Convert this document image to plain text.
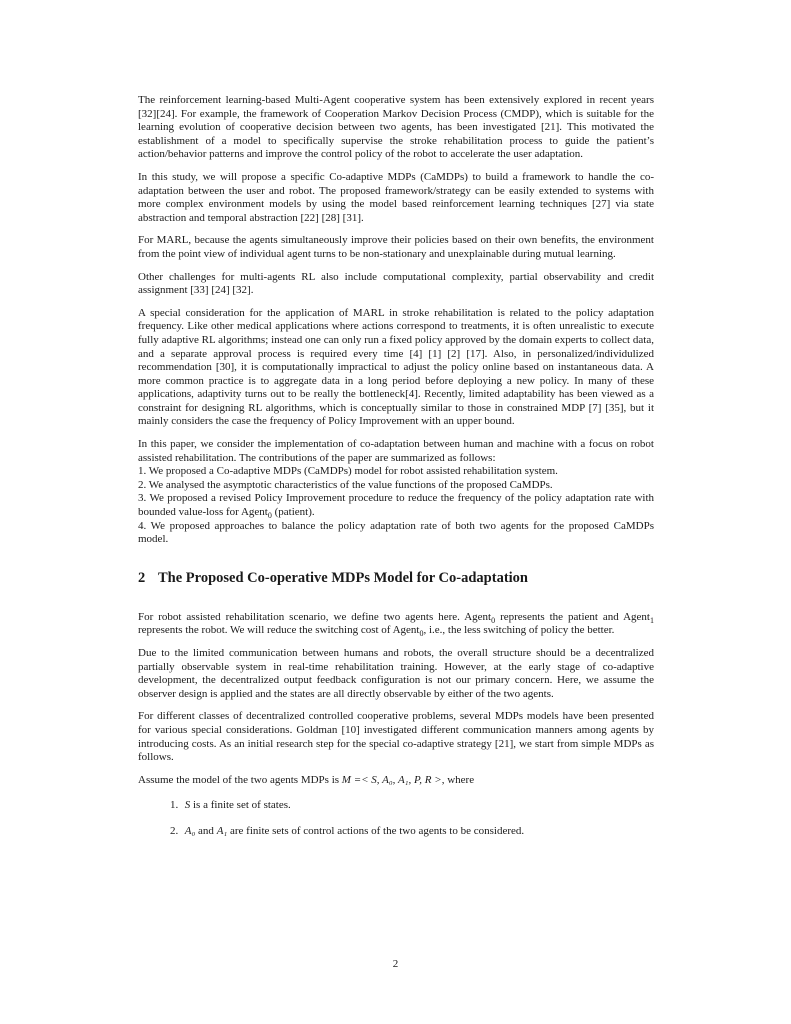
The reinforcement learning-based Multi-Agent cooperative system has been extensively explored in recent years [32][24]. For example, the framework of Cooperation Markov Decision Process (CMDP), which is suitable for the learning evolution of cooperative decision between two agents, has been investigated [21]. This motivated the establishment of a model to specifically supervise the stroke rehabilitation process to guide the patient’s action/behavior patterns and improve the control policy of the robot to accelerate the user adaptation.

In this study, we will propose a specific Co-adaptive MDPs (CaMDPs) to build a framework to handle the co-adaptation between the user and robot. The proposed framework/strategy can be easily extended to systems with more complex environment models by using the model based reinforcement learning techniques [27] via state abstraction and temporal abstraction [22] [28] [31].

For MARL, because the agents simultaneously improve their policies based on their own benefits, the environment from the point view of individual agent turns to be non-stationary and unexplainable during mutual learning.

Other challenges for multi-agents RL also include computational complexity, partial observability and credit assignment [33] [24] [32].

A special consideration for the application of MARL in stroke rehabilitation is related to the policy adaptation frequency. Like other medical applications where actions correspond to treatments, it is often unrealistic to execute fully adaptive RL algorithms; instead one can only run a fixed policy approved by the domain experts to collect data, and a separate approval process is required every time [4] [1] [2] [17]. Also, in personalized/individulized recommendation [30], it is computationally impractical to adjust the policy online based on instantaneous data. A more common practice is to aggregate data in a long period before deploying a new policy. In many of these applications, adaptivity turns out to be really the bottleneck[4]. Recently, limited adaptability has been viewed as a constraint for designing RL algorithms, which is conceptually similar to those in constrained MDP [7] [35], but it mainly considers the case the frequency of Policy Improvement with an upper bound.

In this paper, we consider the implementation of co-adaptation between human and machine with a focus on robot assisted rehabilitation. The contributions of the paper are summarized as follows:

1. We proposed a Co-adaptive MDPs (CaMDPs) model for robot assisted rehabilitation system.

2. We analysed the asymptotic characteristics of the value functions of the proposed CaMDPs.

3. We proposed a revised Policy Improvement procedure to reduce the frequency of the policy adaptation rate with bounded value-loss for Agent$_0$ (patient).

4. We proposed approaches to balance the policy adaptation rate of both two agents for the proposed CaMDPs model.

2 The Proposed Co-operative MDPs Model for Co-adaptation

For robot assisted rehabilitation scenario, we define two agents here. Agent$_0$ represents the patient and Agent$_1$ represents the robot. We will reduce the switching cost of Agent$_0$, i.e., the less switching of policy the better.

Due to the limited communication between humans and robots, the overall structure should be a decentralized partially observable system in real-time rehabilitation training. However, at the early stage of co-adaptive development, the decentralized output feedback configuration is not our primary concern. Here, we assume the observer design is applied and the states are all directly observable by either of the two agents.

For different classes of decentralized controlled cooperative problems, several MDPs models have been presented for various special considerations. Goldman [10] investigated different communication manners among agents by introducing costs. As an initial research step for the special co-adaptive strategy [21], we start from simple MDPs as follows.

Assume the model of the two agents MDPs is M =< S, A₀, A₁, P, R >, where

1. S is a finite set of states.
2. A₀ and A₁ are finite sets of control actions of the two agents to be considered.
2
